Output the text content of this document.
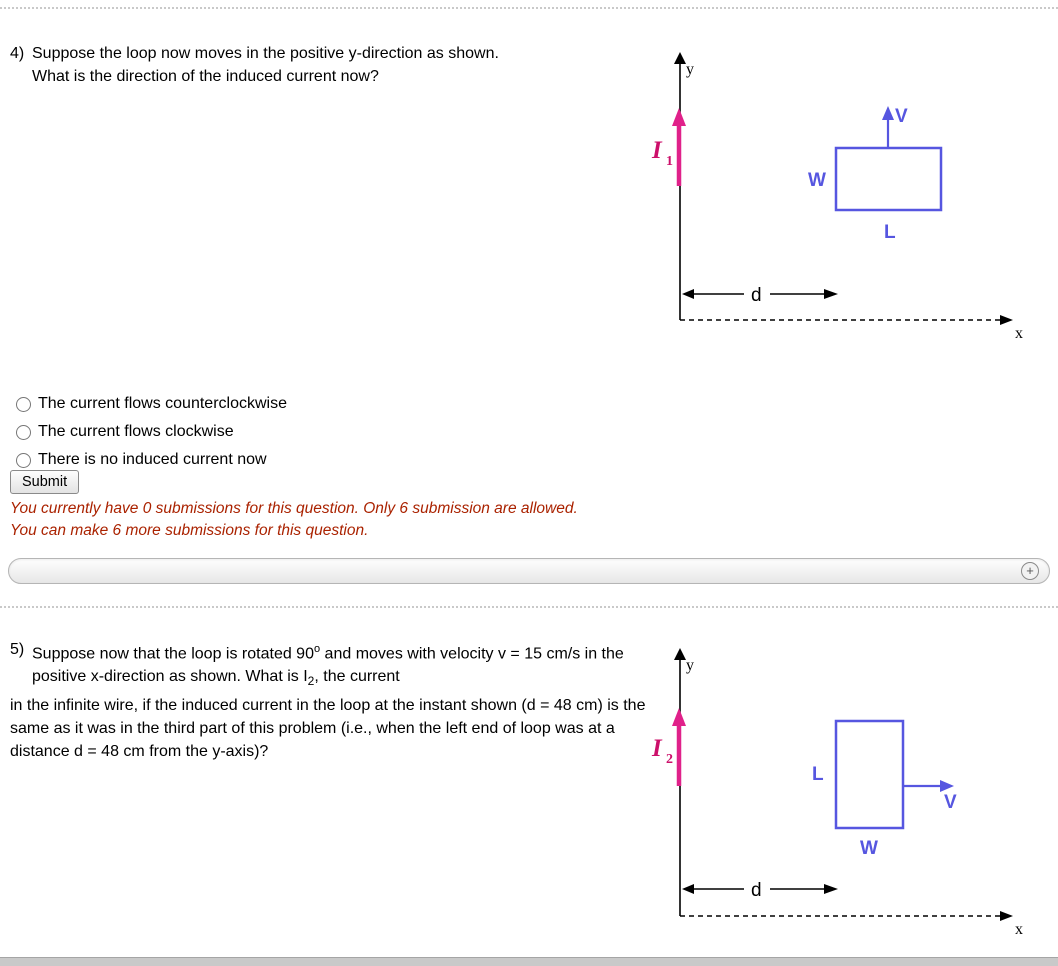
4) Suppose the loop now moves in the positive y-direction as shown.
What is the direction of the induced current now?	y
I 1
W
L
V
d
x
The current flows counterclockwise
The current flows clockwise
There is no induced current now
Submit
You currently have 0 submissions for this question. Only 6 submission are allowed.
You can make 6 more submissions for this question.
+
5) Suppose now that the loop is rotated 90$^o$ and moves with velocity v = 15 cm/s in the positive x-direction as shown. What is $I_2$, the current
in the infinite wire, if the induced current in the loop at the instant shown (d = 48 cm) is the same as it was in the third part of this problem (i.e., when the left end of loop was at a distance d = 48 cm from the y-axis)?
y
I 2
L
W
V
d
x
